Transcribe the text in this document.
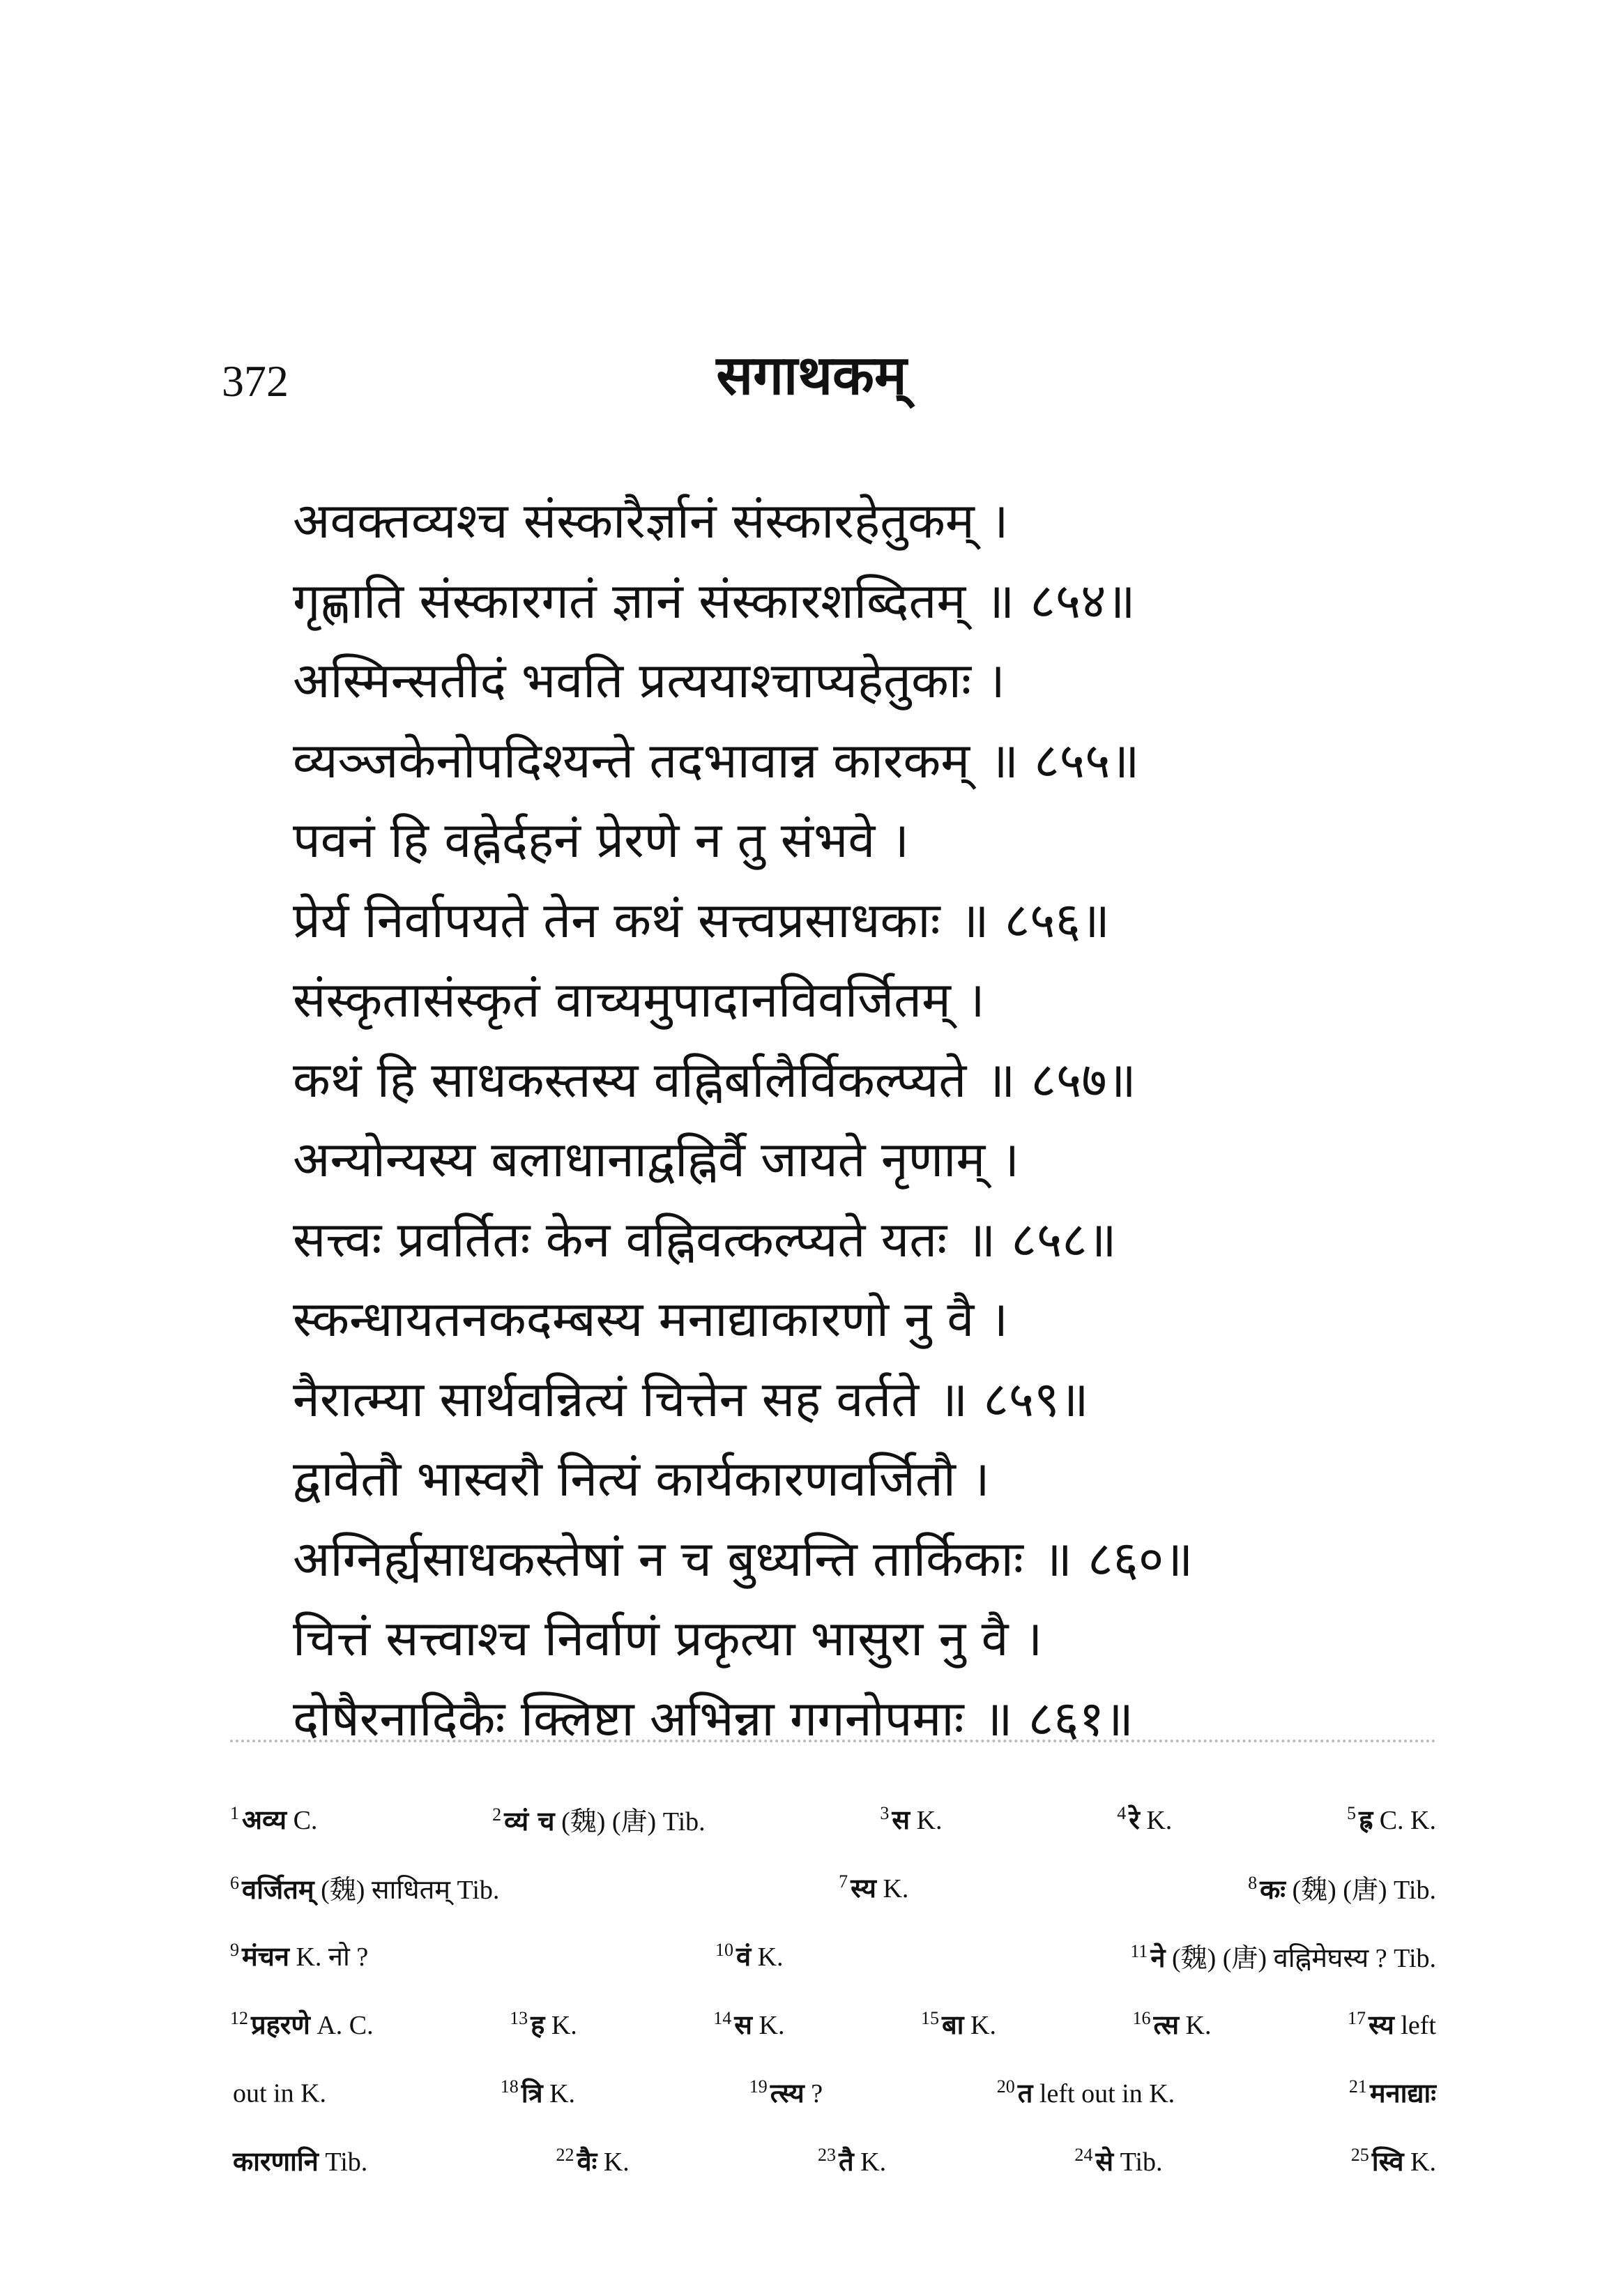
372	सगाथकम्
अवक्तव्यश्च संस्कारैर्ज्ञानं संस्कारहेतुकम् ।
गृह्णाति संस्कारगतं ज्ञानं संस्कारशब्दितम् ॥ ८५४॥
अस्मिन्सतीदं भवति प्रत्ययाश्चाप्यहेतुकाः ।
व्यञ्जकेनोपदिश्यन्ते तदभावान्न कारकम् ॥ ८५५॥
पवनं हि वह्नेर्दहनं प्रेरणे न तु संभवे ।
प्रेर्य निर्वापयते तेन कथं सत्त्वप्रसाधकाः ॥ ८५६॥
संस्कृतासंस्कृतं वाच्यमुपादानविवर्जितम् ।
कथं हि साधकस्तस्य वह्निर्बालैर्विकल्प्यते ॥ ८५७॥
अन्योन्यस्य बलाधानाद्वह्निर्वै जायते नृणाम् ।
सत्त्वः प्रवर्तितः केन वह्निवत्कल्प्यते यतः ॥ ८५८॥
स्कन्धायतनकदम्बस्य मनाद्याकारणो नु वै ।
नैरात्म्या सार्थवन्नित्यं चित्तेन सह वर्तते ॥ ८५९॥
द्वावेतौ भास्वरौ नित्यं कार्यकारणवर्जितौ ।
अग्निर्ह्यसाधकस्तेषां न च बुध्यन्ति तार्किकाः ॥ ८६०॥
चित्तं सत्त्वाश्च निर्वाणं प्रकृत्या भासुरा नु वै ।
दोषैरनादिकैः क्लिष्टा अभिन्ना गगनोपमाः ॥ ८६१॥
$^1$ अव्य C.	$^2$ व्यं च (魏) (唐) Tib.	$^3$ स K.	$^4$ रे K.	$^5$ ह्र C. K.
$^6$ वर्जितम् (魏) साधितम् Tib.	$^7$ स्य K.	$^8$ कः (魏) (唐) Tib.
$^9$ मंचन K. नो ?	$^{10}$ वं K.	$^{11}$ ने (魏) (唐) वह्निमेघस्य ? Tib.
$^{12}$ प्रहरणे A. C.	$^{13}$ ह K.	$^{14}$ स K.	$^{15}$ बा K.	$^{16}$ त्स K.	$^{17}$ स्य left
out in K.	$^{18}$ त्रि K.	$^{19}$ त्स्य ?	$^{20}$ त left out in K.	$^{21}$ मनाद्याः
कारणानि Tib.	$^{22}$ वैः K.	$^{23}$ तै K.	$^{24}$ से Tib.	$^{25}$ स्वि K.
